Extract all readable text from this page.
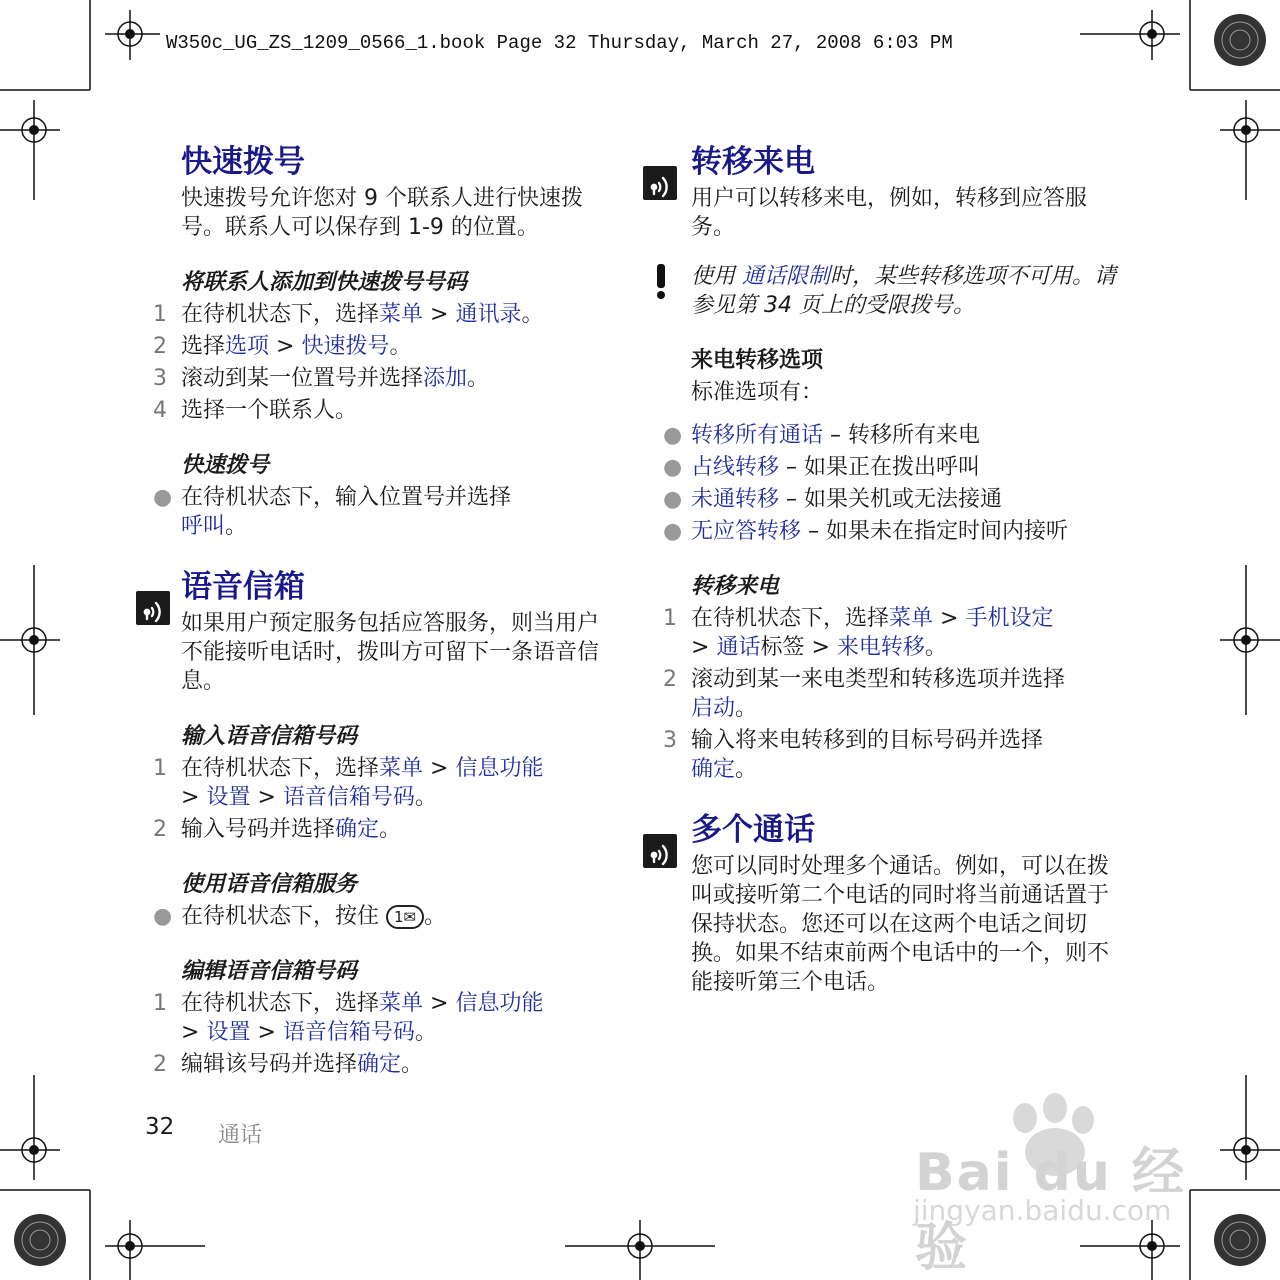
W350c_UG_ZS_1209_0566_1.book Page 32 Thursday, March 27, 2008 6:03 PM
快速拨号

快速拨号允许您对 9 个联系人进行快速拨号。联系人可以保存到 1-9 的位置。

将联系人添加到快速拨号号码
1 在待机状态下，选择菜单 > 通讯录。
2 选择选项 > 快速拨号。
3 滚动到某一位置号并选择添加。
4 选择一个联系人。
快速拨号
● 在待机状态下，输入位置号并选择
呼叫。
语音信箱

如果用户预定服务包括应答服务，则当用户不能接听电话时，拨叫方可留下一条语音信息。

输入语音信箱号码
1 在待机状态下，选择菜单 > 信息功能
> 设置 > 语音信箱号码。
2 输入号码并选择确定。
使用语音信箱服务
● 在待机状态下，按住 1✉ 。
编辑语音信箱号码
1 在待机状态下，选择菜单 > 信息功能
> 设置 > 语音信箱号码。
2 编辑该号码并选择确定。
转移来电

用户可以转移来电，例如，转移到应答服务。

使用 通话限制时，某些转移选项不可用。请参见第 34 页上的受限拨号。
来电转移选项

标准选项有：

● 转移所有通话 – 转移所有来电
● 占线转移 – 如果正在拨出呼叫
● 未通转移 – 如果关机或无法接通
● 无应答转移 – 如果未在指定时间内接听
转移来电
1 在待机状态下，选择菜单 > 手机设定
> 通话标签 > 来电转移。
2 滚动到某一来电类型和转移选项并选择
启动。
3 输入将来电转移到的目标号码并选择
确定。
多个通话

您可以同时处理多个通话。例如，可以在拨叫或接听第二个电话的同时将当前通话置于保持状态。您还可以在这两个电话之间切换。如果不结束前两个电话中的一个，则不能接听第三个电话。

32 通话
Bai du 经验
jingyan.baidu.com
